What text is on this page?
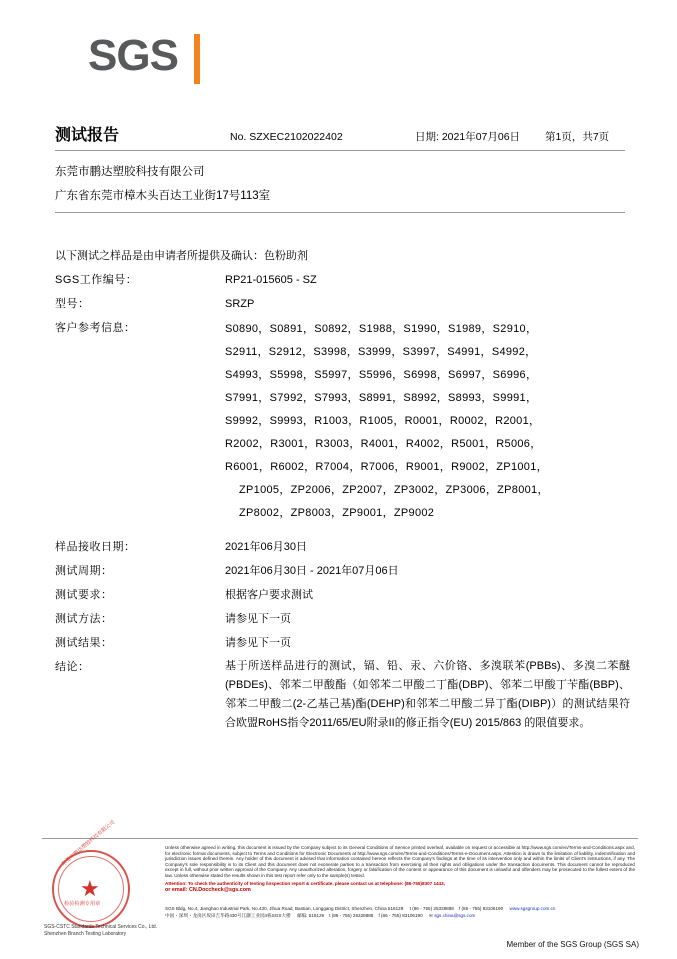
SGS
测试报告	No. SZXEC2102022402	日期: 2021年07月06日	第1页，共7页
东莞市鹏达塑胶科技有限公司
广东省东莞市樟木头百达工业街17号113室
以下测试之样品是由申请者所提供及确认：色粉助剂
SGS工作编号：	RP21-015605 - SZ
型号：	SRZP
客户参考信息：	S0890，S0891，S0892，S1988，S1990，S1989，S2910，
S2911，S2912，S3998，S3999，S3997，S4991，S4992，
S4993，S5998，S5997，S5996，S6998，S6997，S6996，
S7991，S7992，S7993，S8991，S8992，S8993，S9991，
S9992，S9993，R1003，R1005，R0001，R0002，R2001，
R2002，R3001，R3003，R4001，R4002，R5001，R5006，
R6001，R6002，R7004，R7006，R9001，R9002，ZP1001，
ZP1005，ZP2006，ZP2007，ZP3002，ZP3006，ZP8001，
ZP8002，ZP8003，ZP9001，ZP9002
样品接收日期：	2021年06月30日
测试周期：	2021年06月30日 - 2021年07月06日
测试要求：	根据客户要求测试
测试方法：	请参见下一页
测试结果：	请参见下一页
结论：	基于所送样品进行的测试，镉、铅、汞、六价铬、多溴联苯(PBBs)、多溴二苯醚(PBDEs)、邻苯二甲酸酯（如邻苯二甲酸二丁酯(DBP)、邻苯二甲酸丁苄酯(BBP)、邻苯二甲酸二(2-乙基己基)酯(DEHP)和邻苯二甲酸二异丁酯(DIBP)）的测试结果符合欧盟RoHS指令2011/65/EU附录II的修正指令(EU) 2015/863 的限值要求。
★
东莞市鹏达塑胶科技有限公司
检验检测专用章
SGS-CSTC Standards Technical Services Co., Ltd.
Shenzhen Branch Testing Laboratory
Unless otherwise agreed in writing, this document is issued by the Company subject to its General Conditions of Service printed overleaf, available on request or accessible at http://www.sgs.com/en/Terms-and-Conditions.aspx and, for electronic format documents, subject to Terms and Conditions for Electronic Documents at http://www.sgs.com/en/Terms-and-Conditions/Terms-e-Document.aspx. Attention is drawn to the limitation of liability, indemnification and jurisdiction issues defined therein. Any holder of this document is advised that information contained hereon reflects the Company's findings at the time of its intervention only and within the limits of Client's instructions, if any. The Company's sole responsibility is to its Client and this document does not exonerate parties to a transaction from exercising all their rights and obligations under the transaction documents. This document cannot be reproduced except in full, without prior written approval of the Company. Any unauthorized alteration, forgery or falsification of the content or appearance of this document is unlawful and offenders may be prosecuted to the fullest extent of the law. Unless otherwise stated the results shown in this test report refer only to the sample(s) tested.
Attention: To check the authenticity of testing /inspection report & certificate, please contact us at telephone: (86-755)8307 1443,
or email: CN.Doccheck@sgs.com
SGS Bldg, No.4, Jianghao Industrial Park, No.430, Jihua Road, Bantian, Longgang District, Shenzhen, China 518129 t (86 - 755) 25328888 f (86 - 755) 83106190 www.sgsgroup.com.cn
中国・深圳・龙岗区坂田吉华路430号江灏工业园4栋SGS大楼 邮编: 518129 t (86 - 755) 25328888 f (86 - 755) 83106190 ✉ sgs.china@sgs.com
Member of the SGS Group (SGS SA)
